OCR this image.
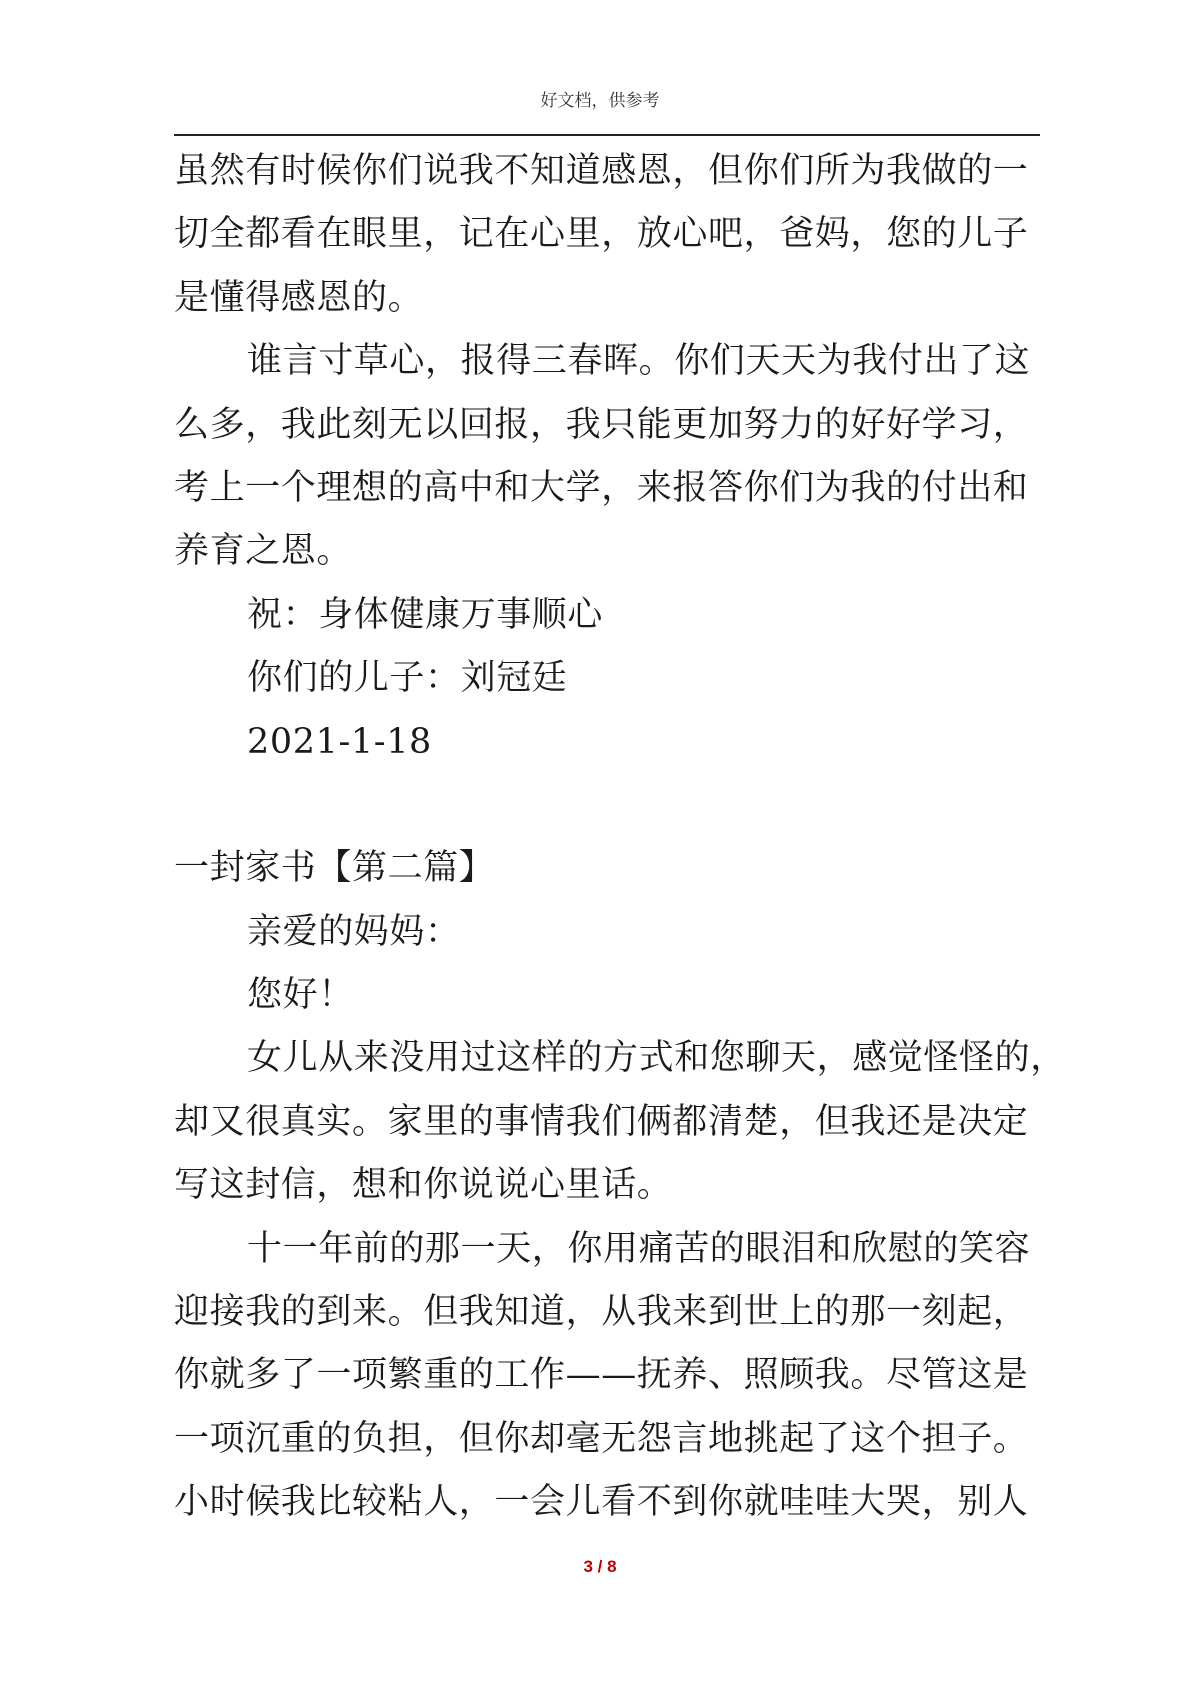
好文档，供参考
虽然有时候你们说我不知道感恩，但你们所为我做的一
切全都看在眼里，记在心里，放心吧，爸妈，您的儿子
是懂得感恩的。
谁言寸草心，报得三春晖。你们天天为我付出了这
么多，我此刻无以回报，我只能更加努力的好好学习，
考上一个理想的高中和大学，来报答你们为我的付出和
养育之恩。
祝：身体健康万事顺心
你们的儿子：刘冠廷
2021-1-18
一封家书【第二篇】
亲爱的妈妈：
您好！
女儿从来没用过这样的方式和您聊天，感觉怪怪的，
却又很真实。家里的事情我们俩都清楚，但我还是决定
写这封信，想和你说说心里话。
十一年前的那一天，你用痛苦的眼泪和欣慰的笑容
迎接我的到来。但我知道，从我来到世上的那一刻起，
你就多了一项繁重的工作——抚养、照顾我。尽管这是
一项沉重的负担，但你却毫无怨言地挑起了这个担子。
小时候我比较粘人，一会儿看不到你就哇哇大哭，别人
3 / 8
